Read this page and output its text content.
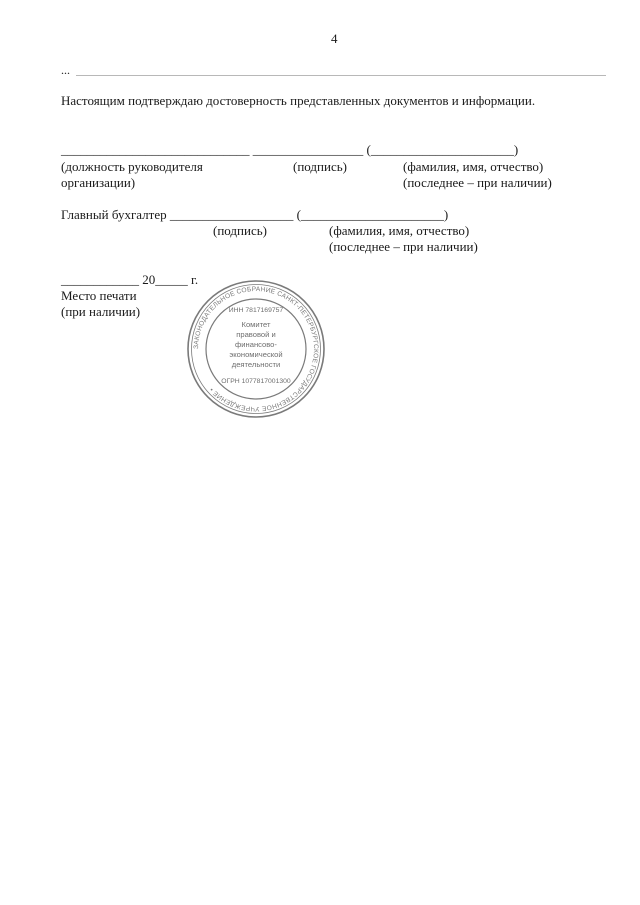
4
...
Настоящим подтверждаю достоверность представленных документов и информации.
_____________________________ _________________ (______________________)
(должность руководителя
организации)
(подпись)	(фамилия, имя, отчество)
(последнее – при наличии)
Главный бухгалтер ___________________ (______________________)
(подпись)	(фамилия, имя, отчество)
(последнее – при наличии)
____________ 20_____ г.
Место печати
(при наличии)
ЗАКОНОДАТЕЛЬНОЕ СОБРАНИЕ САНКТ-ПЕТЕРБУРГСКОЕ ГОСУДАРСТВЕННОЕ УЧРЕЖДЕНИЕ •
ИНН 7817169757
Комитет
правовой и
финансово-
экономической
деятельности
ОГРН 1077817001300
